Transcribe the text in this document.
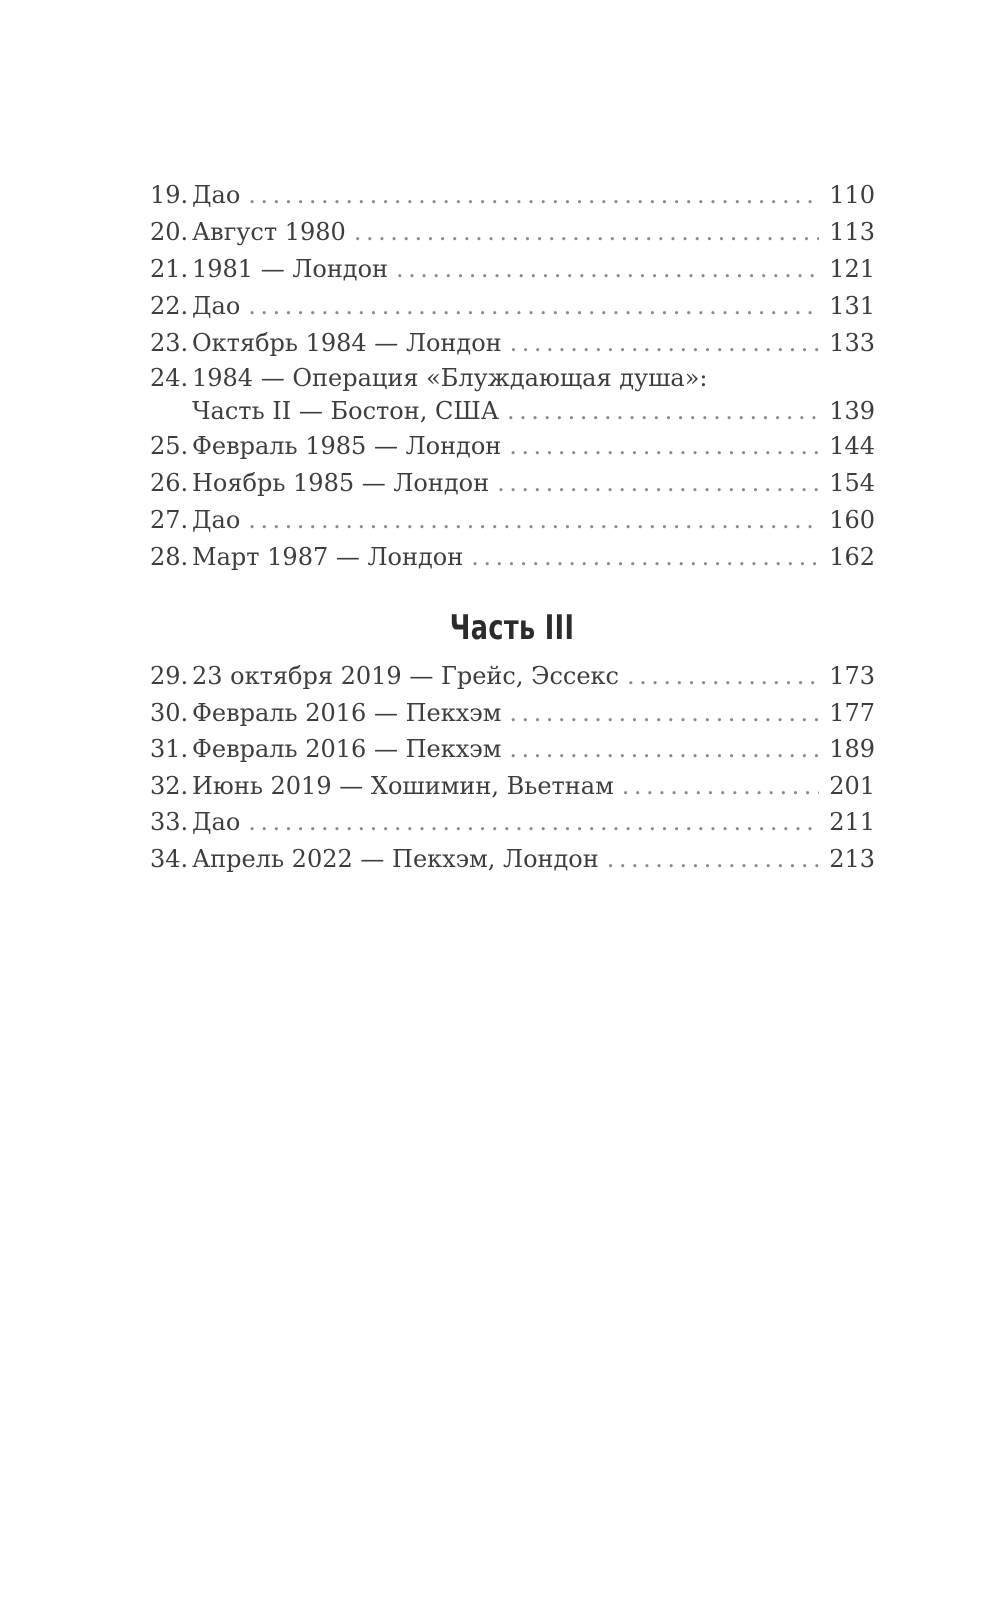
19. Дао .....	110
20. Август 1980 .....	113
21. 1981 — Лондон .....	121
22. Дао .....	131
23. Октябрь 1984 — Лондон .....	133
24. 1984 — Операция «Блуждающая душа»:
Часть II — Бостон, США .....	139
25. Февраль 1985 — Лондон .....	144
26. Ноябрь 1985 — Лондон .....	154
27. Дао .....	160
28. Март 1987 — Лондон .....	162
Часть III
29. 23 октября 2019 — Грейс, Эссекс .....	173
30. Февраль 2016 — Пекхэм .....	177
31. Февраль 2016 — Пекхэм .....	189
32. Июнь 2019 — Хошимин, Вьетнам .....	201
33. Дао .....	211
34. Апрель 2022 — Пекхэм, Лондон .....	213
